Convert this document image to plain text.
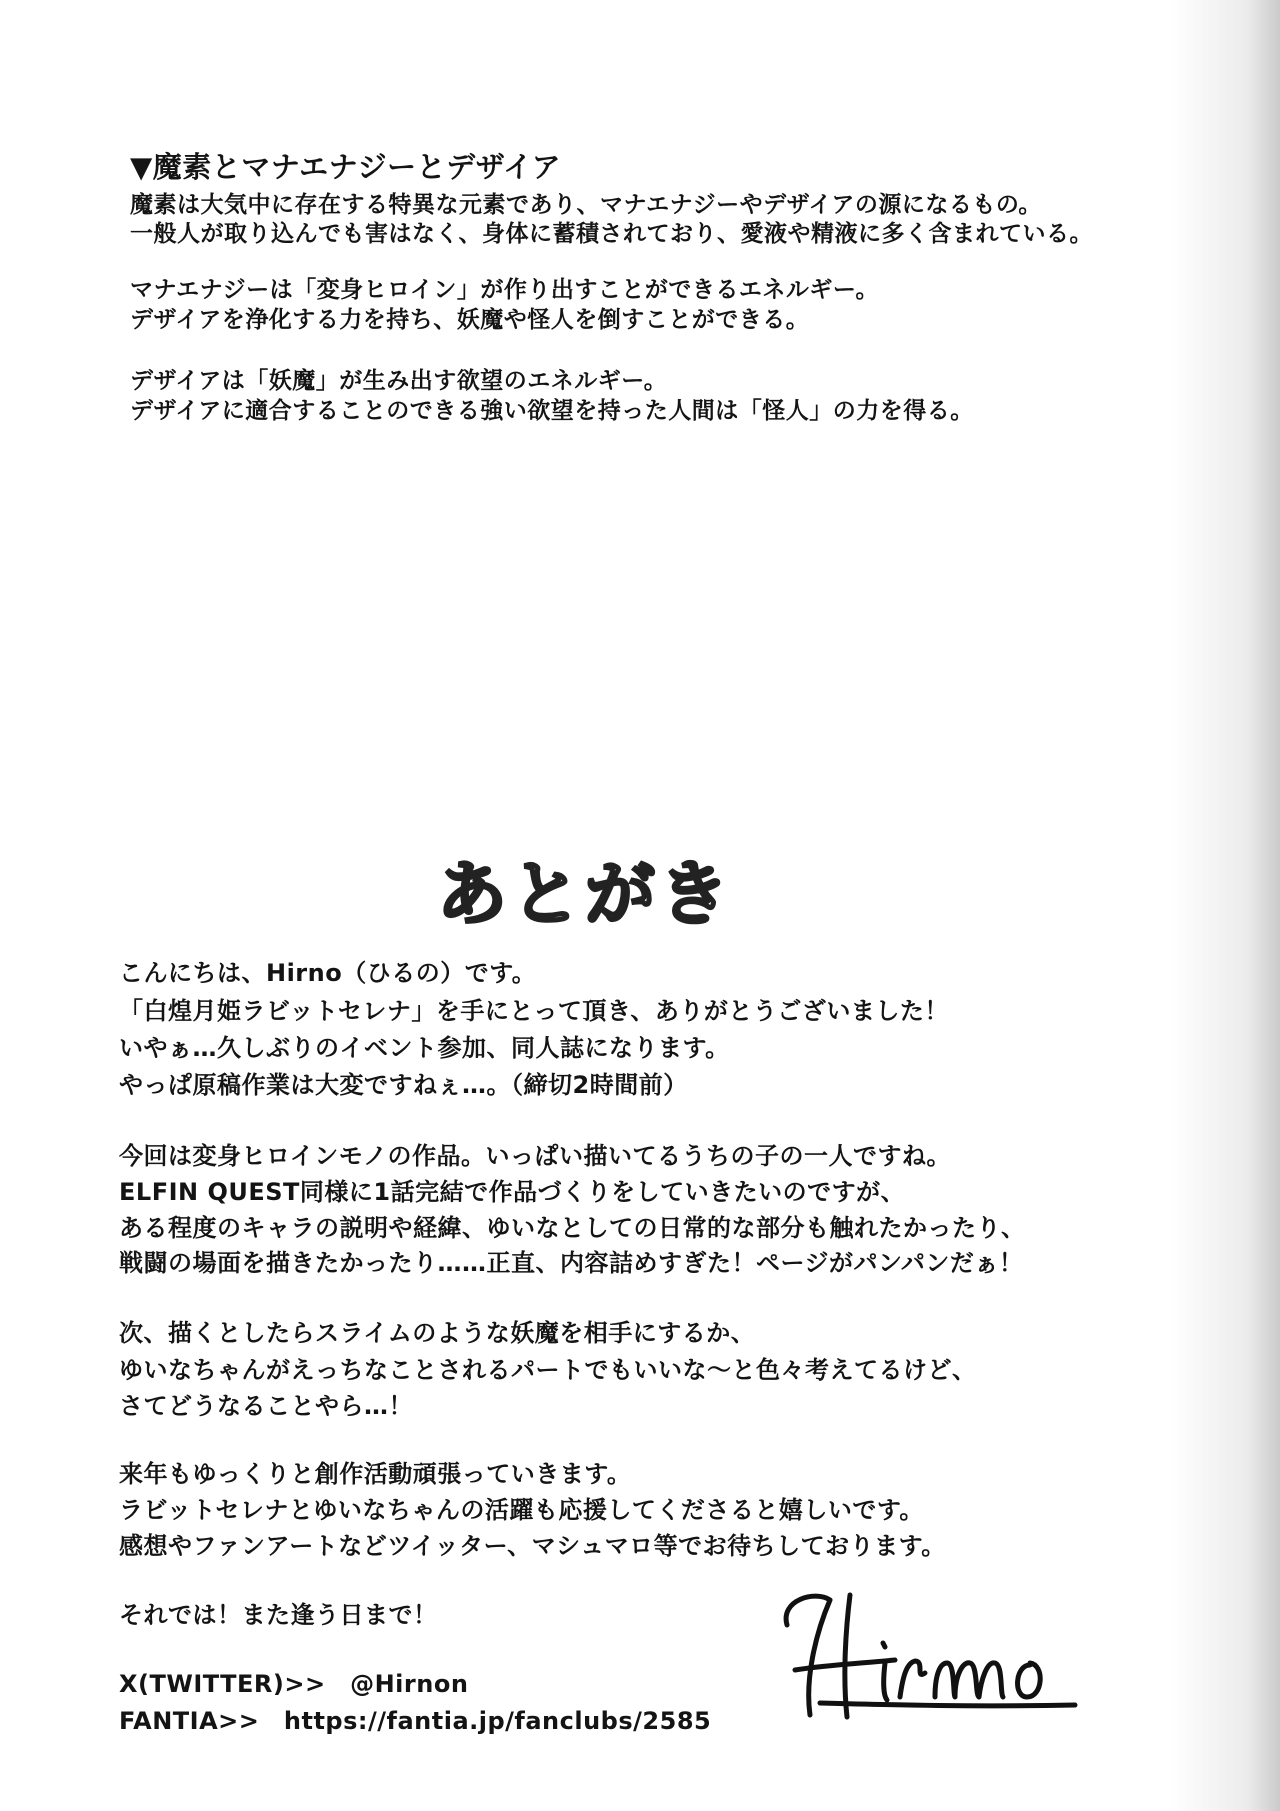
▼魔素とマナエナジーとデザイア
魔素は大気中に存在する特異な元素であり、マナエナジーやデザイアの源になるもの。
一般人が取り込んでも害はなく、身体に蓄積されており、愛液や精液に多く含まれている。
マナエナジーは「変身ヒロイン」が作り出すことができるエネルギー。
デザイアを浄化する力を持ち、妖魔や怪人を倒すことができる。
デザイアは「妖魔」が生み出す欲望のエネルギー。
デザイアに適合することのできる強い欲望を持った人間は「怪人」の力を得る。
あとがき
こんにちは、Hirno（ひるの）です。
「白煌月姫ラビットセレナ」を手にとって頂き、ありがとうございました！
いやぁ…久しぶりのイベント参加、同人誌になります。
やっぱ原稿作業は大変ですねぇ…。（締切2時間前）
今回は変身ヒロインモノの作品。いっぱい描いてるうちの子の一人ですね。
ELFIN QUEST同様に1話完結で作品づくりをしていきたいのですが、
ある程度のキャラの説明や経緯、ゆいなとしての日常的な部分も触れたかったり、
戦闘の場面を描きたかったり……正直、内容詰めすぎた！ページがパンパンだぁ！
次、描くとしたらスライムのような妖魔を相手にするか、
ゆいなちゃんがえっちなことされるパートでもいいな～と色々考えてるけど、
さてどうなることやら…！
来年もゆっくりと創作活動頑張っていきます。
ラビットセレナとゆいなちゃんの活躍も応援してくださると嬉しいです。
感想やファンアートなどツイッター、マシュマロ等でお待ちしております。
それでは！また逢う日まで！
X(TWITTER)>>　@Hirnon
FANTIA>>　https://fantia.jp/fanclubs/2585
